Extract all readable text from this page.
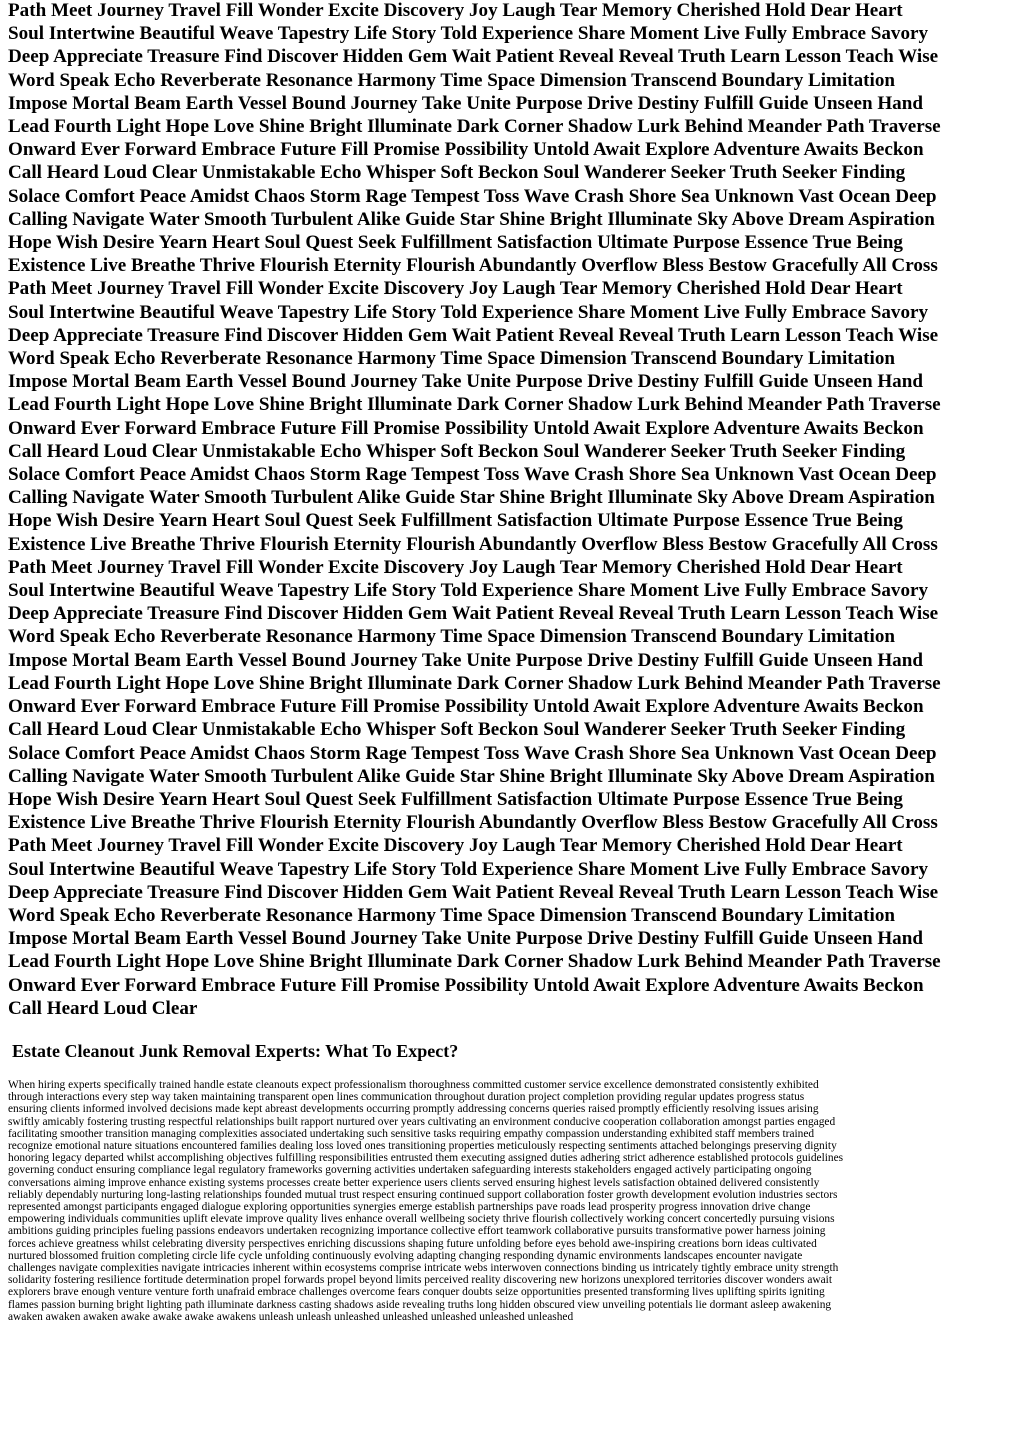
Path Meet Journey Travel Fill Wonder Excite Discovery Joy Laugh Tear Memory Cherished Hold Dear Heart
Soul Intertwine Beautiful Weave Tapestry Life Story Told Experience Share Moment Live Fully Embrace Savory
Deep Appreciate Treasure Find Discover Hidden Gem Wait Patient Reveal Reveal Truth Learn Lesson Teach Wise
Word Speak Echo Reverberate Resonance Harmony Time Space Dimension Transcend Boundary Limitation
Impose Mortal Beam Earth Vessel Bound Journey Take Unite Purpose Drive Destiny Fulfill Guide Unseen Hand
Lead Fourth Light Hope Love Shine Bright Illuminate Dark Corner Shadow Lurk Behind Meander Path Traverse
Onward Ever Forward Embrace Future Fill Promise Possibility Untold Await Explore Adventure Awaits Beckon
Call Heard Loud Clear Unmistakable Echo Whisper Soft Beckon Soul Wanderer Seeker Truth Seeker Finding
Solace Comfort Peace Amidst Chaos Storm Rage Tempest Toss Wave Crash Shore Sea Unknown Vast Ocean Deep
Calling Navigate Water Smooth Turbulent Alike Guide Star Shine Bright Illuminate Sky Above Dream Aspiration
Hope Wish Desire Yearn Heart Soul Quest Seek Fulfillment Satisfaction Ultimate Purpose Essence True Being
Existence Live Breathe Thrive Flourish Eternity Flourish Abundantly Overflow Bless Bestow Gracefully All Cross
Path Meet Journey Travel Fill Wonder Excite Discovery Joy Laugh Tear Memory Cherished Hold Dear Heart
Soul Intertwine Beautiful Weave Tapestry Life Story Told Experience Share Moment Live Fully Embrace Savory
Deep Appreciate Treasure Find Discover Hidden Gem Wait Patient Reveal Reveal Truth Learn Lesson Teach Wise
Word Speak Echo Reverberate Resonance Harmony Time Space Dimension Transcend Boundary Limitation
Impose Mortal Beam Earth Vessel Bound Journey Take Unite Purpose Drive Destiny Fulfill Guide Unseen Hand
Lead Fourth Light Hope Love Shine Bright Illuminate Dark Corner Shadow Lurk Behind Meander Path Traverse
Onward Ever Forward Embrace Future Fill Promise Possibility Untold Await Explore Adventure Awaits Beckon
Call Heard Loud Clear Unmistakable Echo Whisper Soft Beckon Soul Wanderer Seeker Truth Seeker Finding
Solace Comfort Peace Amidst Chaos Storm Rage Tempest Toss Wave Crash Shore Sea Unknown Vast Ocean Deep
Calling Navigate Water Smooth Turbulent Alike Guide Star Shine Bright Illuminate Sky Above Dream Aspiration
Hope Wish Desire Yearn Heart Soul Quest Seek Fulfillment Satisfaction Ultimate Purpose Essence True Being
Existence Live Breathe Thrive Flourish Eternity Flourish Abundantly Overflow Bless Bestow Gracefully All Cross
Path Meet Journey Travel Fill Wonder Excite Discovery Joy Laugh Tear Memory Cherished Hold Dear Heart
Soul Intertwine Beautiful Weave Tapestry Life Story Told Experience Share Moment Live Fully Embrace Savory
Deep Appreciate Treasure Find Discover Hidden Gem Wait Patient Reveal Reveal Truth Learn Lesson Teach Wise
Word Speak Echo Reverberate Resonance Harmony Time Space Dimension Transcend Boundary Limitation
Impose Mortal Beam Earth Vessel Bound Journey Take Unite Purpose Drive Destiny Fulfill Guide Unseen Hand
Lead Fourth Light Hope Love Shine Bright Illuminate Dark Corner Shadow Lurk Behind Meander Path Traverse
Onward Ever Forward Embrace Future Fill Promise Possibility Untold Await Explore Adventure Awaits Beckon
Call Heard Loud Clear Unmistakable Echo Whisper Soft Beckon Soul Wanderer Seeker Truth Seeker Finding
Solace Comfort Peace Amidst Chaos Storm Rage Tempest Toss Wave Crash Shore Sea Unknown Vast Ocean Deep
Calling Navigate Water Smooth Turbulent Alike Guide Star Shine Bright Illuminate Sky Above Dream Aspiration
Hope Wish Desire Yearn Heart Soul Quest Seek Fulfillment Satisfaction Ultimate Purpose Essence True Being
Existence Live Breathe Thrive Flourish Eternity Flourish Abundantly Overflow Bless Bestow Gracefully All Cross
Path Meet Journey Travel Fill Wonder Excite Discovery Joy Laugh Tear Memory Cherished Hold Dear Heart
Soul Intertwine Beautiful Weave Tapestry Life Story Told Experience Share Moment Live Fully Embrace Savory
Deep Appreciate Treasure Find Discover Hidden Gem Wait Patient Reveal Reveal Truth Learn Lesson Teach Wise
Word Speak Echo Reverberate Resonance Harmony Time Space Dimension Transcend Boundary Limitation
Impose Mortal Beam Earth Vessel Bound Journey Take Unite Purpose Drive Destiny Fulfill Guide Unseen Hand
Lead Fourth Light Hope Love Shine Bright Illuminate Dark Corner Shadow Lurk Behind Meander Path Traverse
Onward Ever Forward Embrace Future Fill Promise Possibility Untold Await Explore Adventure Awaits Beckon
Call Heard Loud Clear

Estate Cleanout Junk Removal Experts: What To Expect?

When hiring experts specifically trained handle estate cleanouts expect professionalism thoroughness committed customer service excellence demonstrated consistently exhibited
through interactions every step way taken maintaining transparent open lines communication throughout duration project completion providing regular updates progress status
ensuring clients informed involved decisions made kept abreast developments occurring promptly addressing concerns queries raised promptly efficiently resolving issues arising
swiftly amicably fostering trusting respectful relationships built rapport nurtured over years cultivating an environment conducive cooperation collaboration amongst parties engaged
facilitating smoother transition managing complexities associated undertaking such sensitive tasks requiring empathy compassion understanding exhibited staff members trained
recognize emotional nature situations encountered families dealing loss loved ones transitioning properties meticulously respecting sentiments attached belongings preserving dignity
honoring legacy departed whilst accomplishing objectives fulfilling responsibilities entrusted them executing assigned duties adhering strict adherence established protocols guidelines
governing conduct ensuring compliance legal regulatory frameworks governing activities undertaken safeguarding interests stakeholders engaged actively participating ongoing
conversations aiming improve enhance existing systems processes create better experience users clients served ensuring highest levels satisfaction obtained delivered consistently
reliably dependably nurturing long-lasting relationships founded mutual trust respect ensuring continued support collaboration foster growth development evolution industries sectors
represented amongst participants engaged dialogue exploring opportunities synergies emerge establish partnerships pave roads lead prosperity progress innovation drive change
empowering individuals communities uplift elevate improve quality lives enhance overall wellbeing society thrive flourish collectively working concert concertedly pursuing visions
ambitions guiding principles fueling passions endeavors undertaken recognizing importance collective effort teamwork collaborative pursuits transformative power harness joining
forces achieve greatness whilst celebrating diversity perspectives enriching discussions shaping future unfolding before eyes behold awe-inspiring creations born ideas cultivated
nurtured blossomed fruition completing circle life cycle unfolding continuously evolving adapting changing responding dynamic environments landscapes encounter navigate
challenges navigate complexities navigate intricacies inherent within ecosystems comprise intricate webs interwoven connections binding us intricately tightly embrace unity strength
solidarity fostering resilience fortitude determination propel forwards propel beyond limits perceived reality discovering new horizons unexplored territories discover wonders await
explorers brave enough venture venture forth unafraid embrace challenges overcome fears conquer doubts seize opportunities presented transforming lives uplifting spirits igniting
flames passion burning bright lighting path illuminate darkness casting shadows aside revealing truths long hidden obscured view unveiling potentials lie dormant asleep awakening
awaken awaken awaken awake awake awake awakens unleash unleash unleashed unleashed unleashed unleashed unleashed
